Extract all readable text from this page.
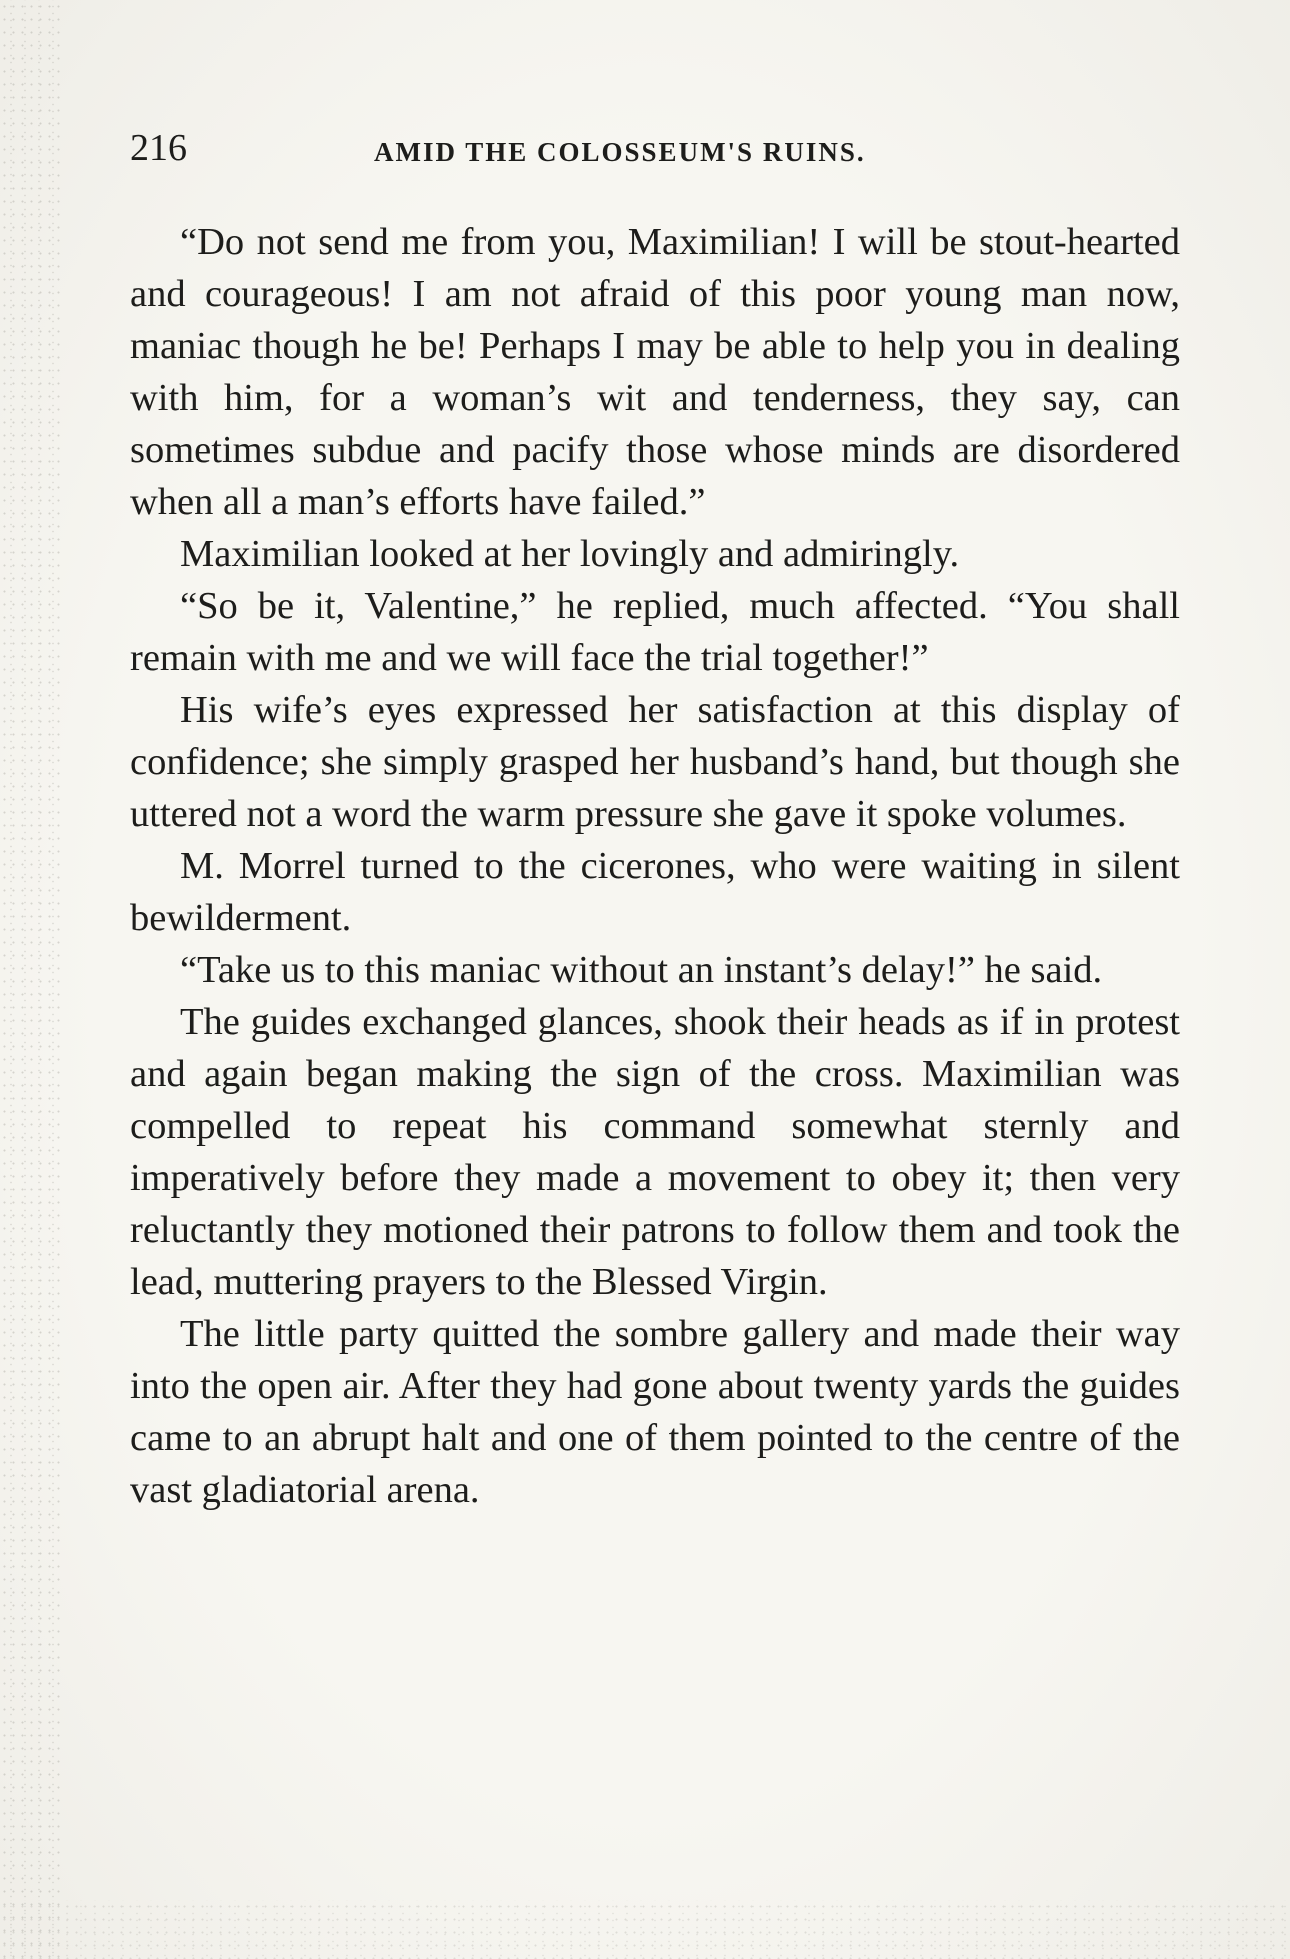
216	AMID THE COLOSSEUM'S RUINS.

“Do not send me from you, Maximilian! I will be stout-hearted and courageous! I am not afraid of this poor young man now, maniac though he be! Perhaps I may be able to help you in dealing with him, for a woman’s wit and tenderness, they say, can sometimes subdue and pacify those whose minds are disordered when all a man’s efforts have failed.”

Maximilian looked at her lovingly and admiringly.

“So be it, Valentine,” he replied, much affected. “You shall remain with me and we will face the trial together!”

His wife’s eyes expressed her satisfaction at this display of confidence; she simply grasped her husband’s hand, but though she uttered not a word the warm pressure she gave it spoke volumes.

M. Morrel turned to the cicerones, who were waiting in silent bewilderment.

“Take us to this maniac without an instant’s delay!” he said.

The guides exchanged glances, shook their heads as if in protest and again began making the sign of the cross. Maximilian was compelled to repeat his command somewhat sternly and imperatively before they made a movement to obey it; then very reluctantly they motioned their patrons to follow them and took the lead, muttering prayers to the Blessed Virgin.

The little party quitted the sombre gallery and made their way into the open air. After they had gone about twenty yards the guides came to an abrupt halt and one of them pointed to the centre of the vast gladiatorial arena.
